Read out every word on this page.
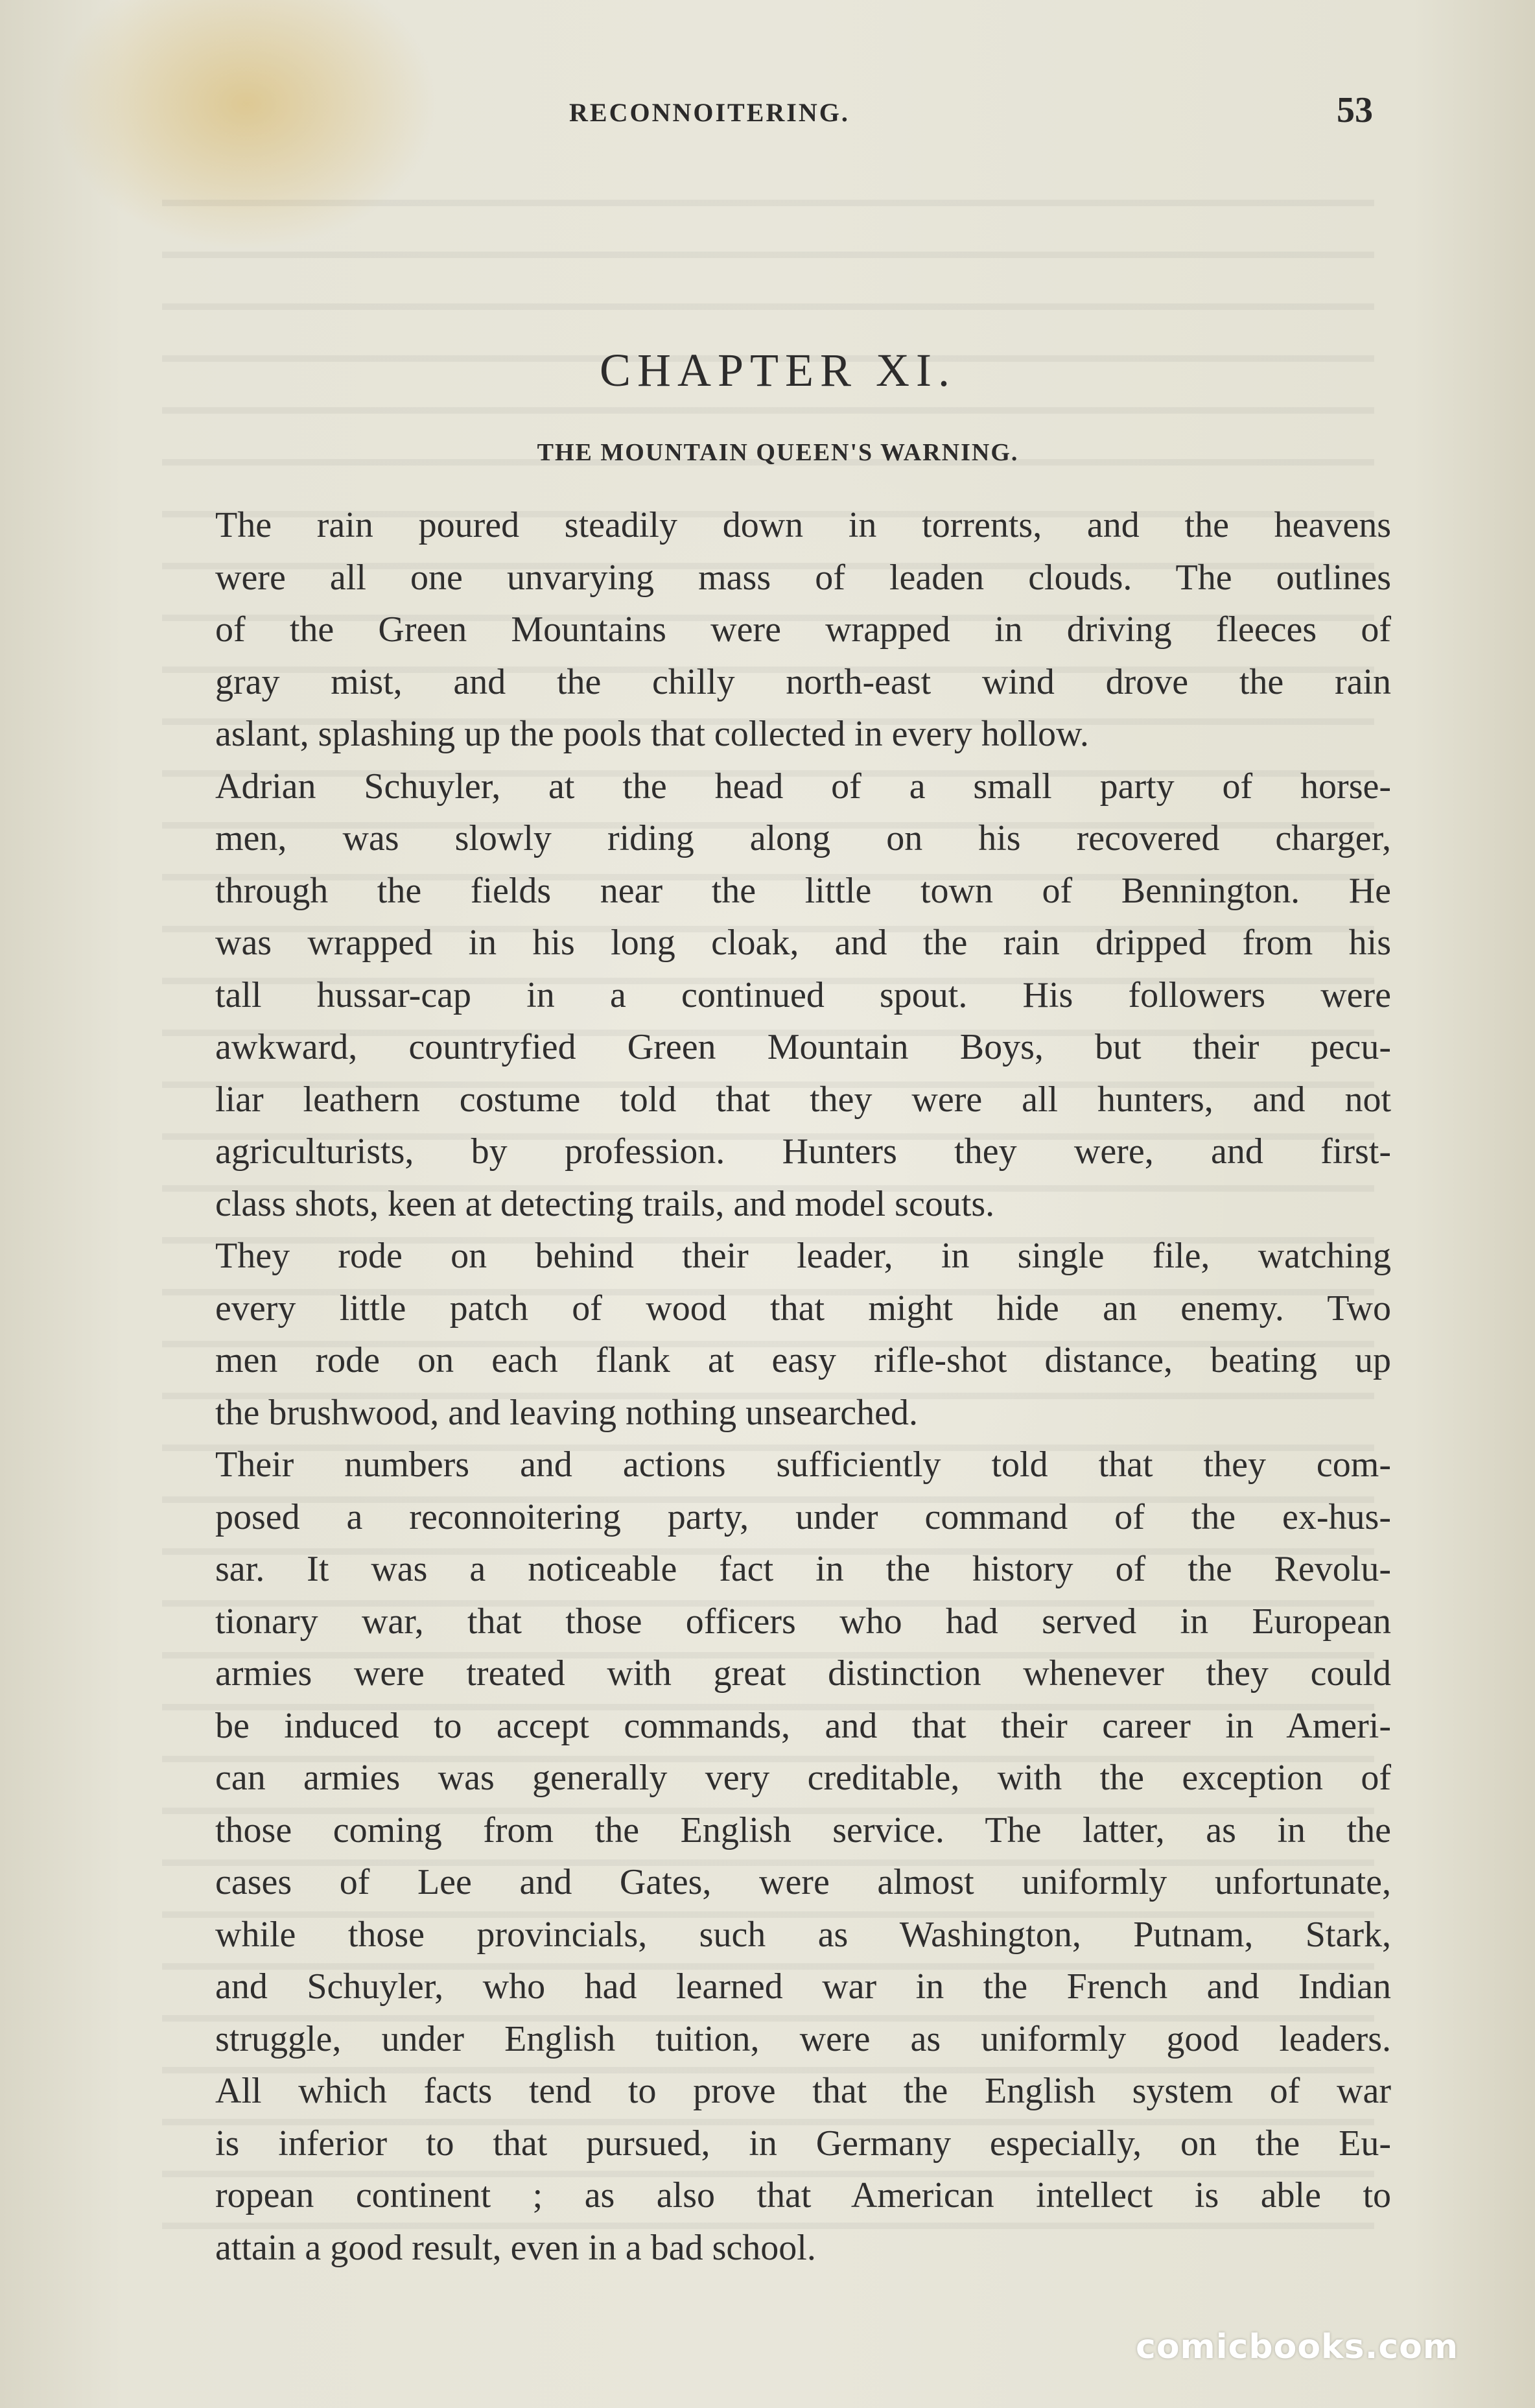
RECONNOITERING.	53
CHAPTER XI.
THE MOUNTAIN QUEEN'S WARNING.

The rain poured steadily down in torrents, and the heavens
were all one unvarying mass of leaden clouds. The outlines
of the Green Mountains were wrapped in driving fleeces of
gray mist, and the chilly north-east wind drove the rain
aslant, splashing up the pools that collected in every hollow.

Adrian Schuyler, at the head of a small party of horse-
men, was slowly riding along on his recovered charger,
through the fields near the little town of Bennington. He
was wrapped in his long cloak, and the rain dripped from his
tall hussar-cap in a continued spout. His followers were
awkward, countryfied Green Mountain Boys, but their pecu-
liar leathern costume told that they were all hunters, and not
agriculturists, by profession. Hunters they were, and first-
class shots, keen at detecting trails, and model scouts.

They rode on behind their leader, in single file, watching
every little patch of wood that might hide an enemy. Two
men rode on each flank at easy rifle-shot distance, beating up
the brushwood, and leaving nothing unsearched.

Their numbers and actions sufficiently told that they com-
posed a reconnoitering party, under command of the ex-hus-
sar. It was a noticeable fact in the history of the Revolu-
tionary war, that those officers who had served in European
armies were treated with great distinction whenever they could
be induced to accept commands, and that their career in Ameri-
can armies was generally very creditable, with the exception of
those coming from the English service. The latter, as in the
cases of Lee and Gates, were almost uniformly unfortunate,
while those provincials, such as Washington, Putnam, Stark,
and Schuyler, who had learned war in the French and Indian
struggle, under English tuition, were as uniformly good leaders.
All which facts tend to prove that the English system of war
is inferior to that pursued, in Germany especially, on the Eu-
ropean continent ; as also that American intellect is able to
attain a good result, even in a bad school.

comicbooks.com
